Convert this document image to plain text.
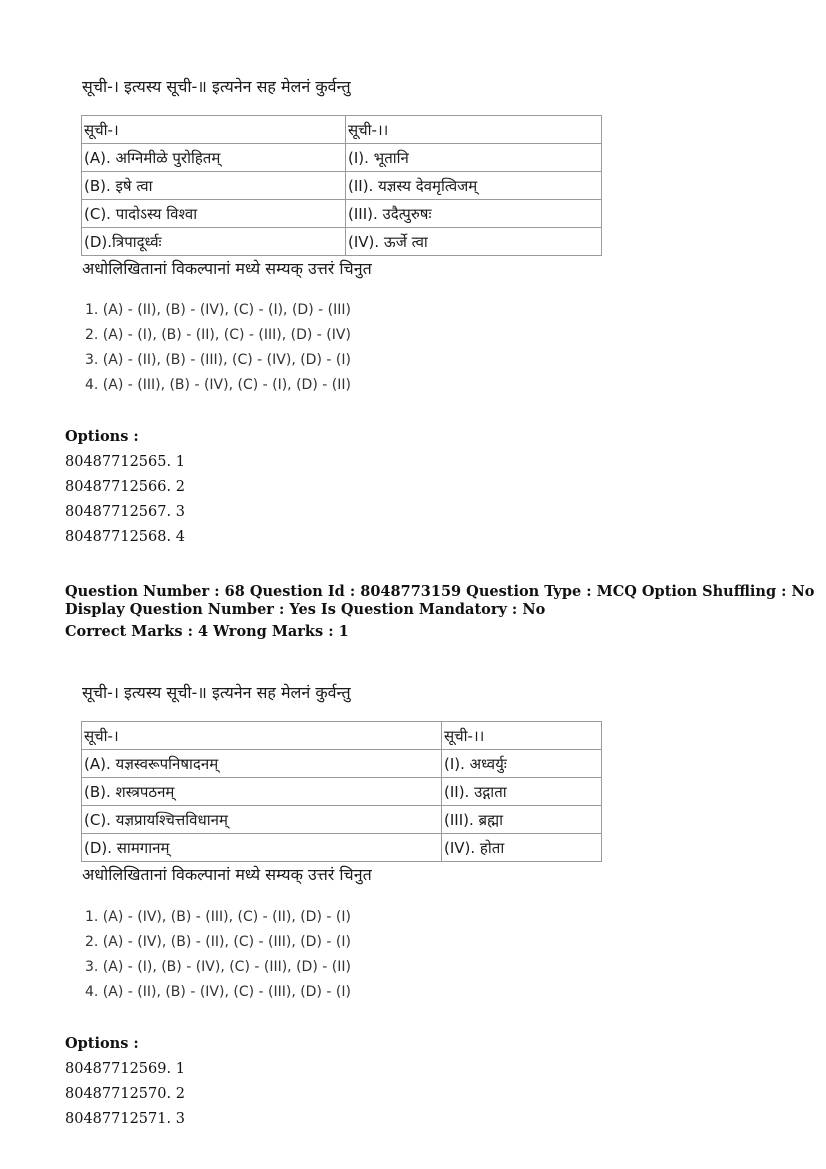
सूची-। इत्यस्य सूची-॥ इत्यनेन सह मेलनं कुर्वन्तु
सूची-।	सूची-।।
(A). अग्निमीळे पुरोहितम्	(I). भूतानि
(B). इषे त्वा	(II). यज्ञस्य देवमृत्विजम्
(C). पादोऽस्य विश्वा	(III). उदैत्पुरुषः
(D).त्रिपादूर्ध्वः	(IV). ऊर्जे त्वा
अधोलिखितानां विकल्पानां मध्ये सम्यक् उत्तरं चिनुत
1. (A) - (II), (B) - (IV), (C) - (I), (D) - (III)
2. (A) - (I), (B) - (II), (C) - (III), (D) - (IV)
3. (A) - (II), (B) - (III), (C) - (IV), (D) - (I)
4. (A) - (III), (B) - (IV), (C) - (I), (D) - (II)
Options :
80487712565. 1
80487712566. 2
80487712567. 3
80487712568. 4
Question Number : 68 Question Id : 8048773159 Question Type : MCQ Option Shuffling : No
Display Question Number : Yes Is Question Mandatory : No
Correct Marks : 4 Wrong Marks : 1
सूची-। इत्यस्य सूची-॥ इत्यनेन सह मेलनं कुर्वन्तु
सूची-।	सूची-।।
(A). यज्ञस्वरूपनिषादनम्	(I). अध्वर्युः
(B). शस्त्रपठनम्	(II). उद्गाता
(C). यज्ञप्रायश्चित्तविधानम्	(III). ब्रह्मा
(D). सामगानम्	(IV). होता
अधोलिखितानां विकल्पानां मध्ये सम्यक् उत्तरं चिनुत
1. (A) - (IV), (B) - (III), (C) - (II), (D) - (I)
2. (A) - (IV), (B) - (II), (C) - (III), (D) - (I)
3. (A) - (I), (B) - (IV), (C) - (III), (D) - (II)
4. (A) - (II), (B) - (IV), (C) - (III), (D) - (I)
Options :
80487712569. 1
80487712570. 2
80487712571. 3
